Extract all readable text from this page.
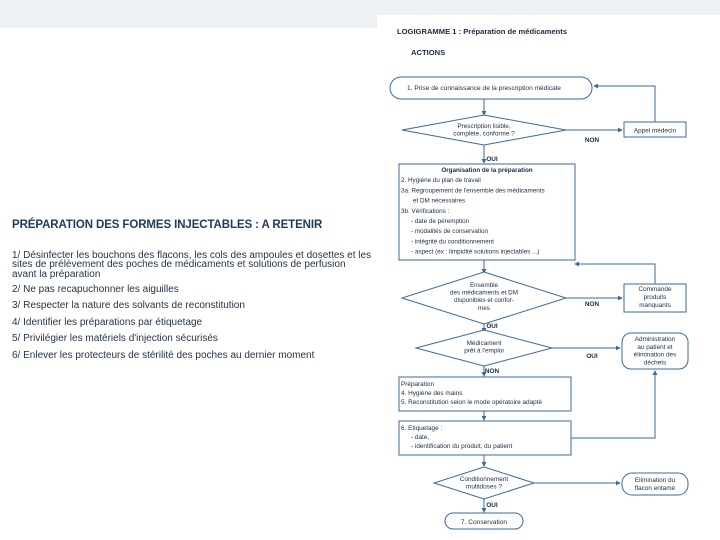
PRÉPARATION DES FORMES INJECTABLES : A RETENIR
1/ Désinfecter les bouchons des flacons, les cols des ampoules et dosettes et les
sites de prélèvement des poches de médicaments et solutions de perfusion
avant la préparation
2/ Ne pas recapuchonner les aiguilles
3/ Respecter la nature des solvants de reconstitution
4/ Identifier les préparations par étiquetage
5/ Privilégier les matériels d'injection sécurisés
6/ Enlever les protecteurs de stérilité des poches au dernier moment
LOGIGRAMME 1 : Préparation de médicaments
ACTIONS
1. Prise de connaissance de la prescription médicale
Prescription lisible,
complète, conforme ?
OUI
NON
Appel médecin
Organisation de la préparation
2. Hygiène du plan de travail
3a. Regroupement de l'ensemble des médicaments
et DM nécessaires
3b. Vérifications :
- date de péremption
- modalités de conservation
- intégrité du conditionnement
- aspect (ex : limpidité solutions injectables ...)
Ensemble
des médicaments et DM
disponibles et confor-
mes
OUI
NON
Commande
produits
manquants
Médicament
prêt à l'emploi
NON
OUI
Administration
au patient et
élimination des
déchets
Préparation
4. Hygiène des mains
5. Reconstitution selon le mode opératoire adapté
6. Etiquetage :
- date,
- identification du produit, du patient
Conditionnement
multidoses ?
OUI
Elimination du
flacon entamé
7. Conservation
